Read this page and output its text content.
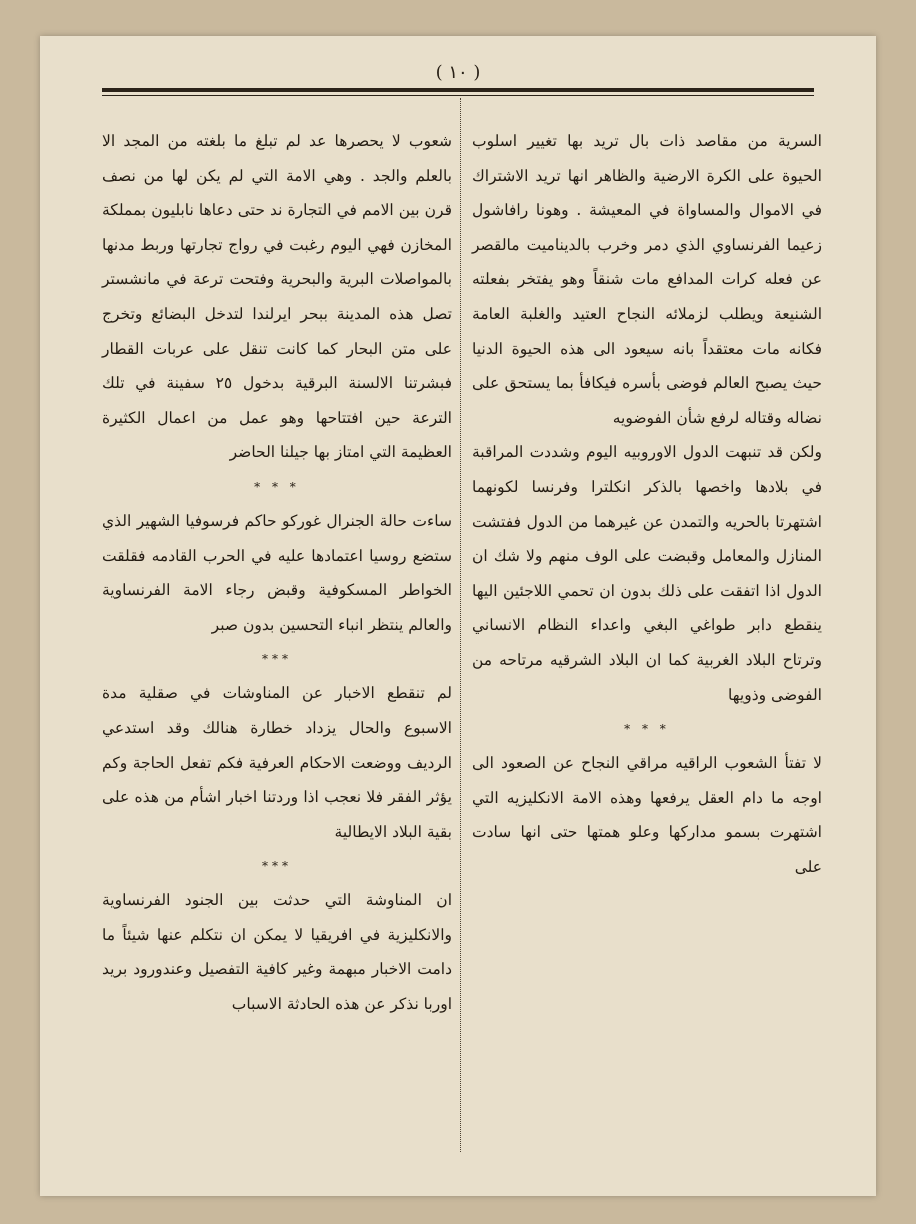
( ١٠ )

السرية من مقاصد ذات بال تريد بها تغيير اسلوب الحيوة على الكرة الارضية والظاهر انها تريد الاشتراك في الاموال والمساواة في المعيشة . وهونا رافاشول زعيما الفرنساوي الذي دمر وخرب بالديناميت مالقصر عن فعله كرات المدافع مات شنقاً وهو يفتخر بفعلته الشنيعة ويطلب لزملائه النجاح العتيد والغلبة العامة فكانه مات معتقداً بانه سيعود الى هذه الحيوة الدنيا حيث يصبح العالم فوضى بأسره فيكافأ بما يستحق على نضاله وقتاله لرفع شأن الفوضويه

ولكن قد تنبهت الدول الاوروبيه اليوم وشددت المراقبة في بلادها واخصها بالذكر انكلترا وفرنسا لكونهما اشتهرتا بالحريه والتمدن عن غيرهما من الدول ففتشت المنازل والمعامل وقبضت على الوف منهم ولا شك ان الدول اذا اتفقت على ذلك بدون ان تحمي اللاجئين اليها ينقطع دابر طواغي البغي واعداء النظام الانساني وترتاح البلاد الغربية كما ان البلاد الشرقيه مرتاحه من الفوضى وذويها

* * *

لا تفتأ الشعوب الراقيه مراقي النجاح عن الصعود الى اوجه ما دام العقل يرفعها وهذه الامة الانكليزيه التي اشتهرت بسمو مداركها وعلو همتها حتى انها سادت على

شعوب لا يحصرها عد لم تبلغ ما بلغته من المجد الا بالعلم والجد . وهي الامة التي لم يكن لها من نصف قرن بين الامم في التجارة ند حتى دعاها نابليون بمملكة المخازن فهي اليوم رغبت في رواج تجارتها وربط مدنها بالمواصلات البرية والبحرية وفتحت ترعة في مانشستر تصل هذه المدينة ببحر ايرلندا لتدخل البضائع وتخرج على متن البحار كما كانت تنقل على عربات القطار فبشرتنا الالسنة البرقية بدخول ٢٥ سفينة في تلك الترعة حين افتتاحها وهو عمل من اعمال الكثيرة العظيمة التي امتاز بها جيلنا الحاضر

* * *

ساءت حالة الجنرال غوركو حاكم فرسوفيا الشهير الذي ستضع روسيا اعتمادها عليه في الحرب القادمه فقلقت الخواطر المسكوفية وقبض رجاء الامة الفرنساوية والعالم ينتظر انباء التحسين بدون صبر

***

لم تنقطع الاخبار عن المناوشات في صقلية مدة الاسبوع والحال يزداد خطارة هنالك وقد استدعي الرديف ووضعت الاحكام العرفية فكم تفعل الحاجة وكم يؤثر الفقر فلا نعجب اذا وردتنا اخبار اشأم من هذه على بقية البلاد الايطالية

***

ان المناوشة التي حدثت بين الجنود الفرنساوية والانكليزية في افريقيا لا يمكن ان نتكلم عنها شيئاً ما دامت الاخبار مبهمة وغير كافية التفصيل وعندورود بريد اوربا نذكر عن هذه الحادثة الاسباب
